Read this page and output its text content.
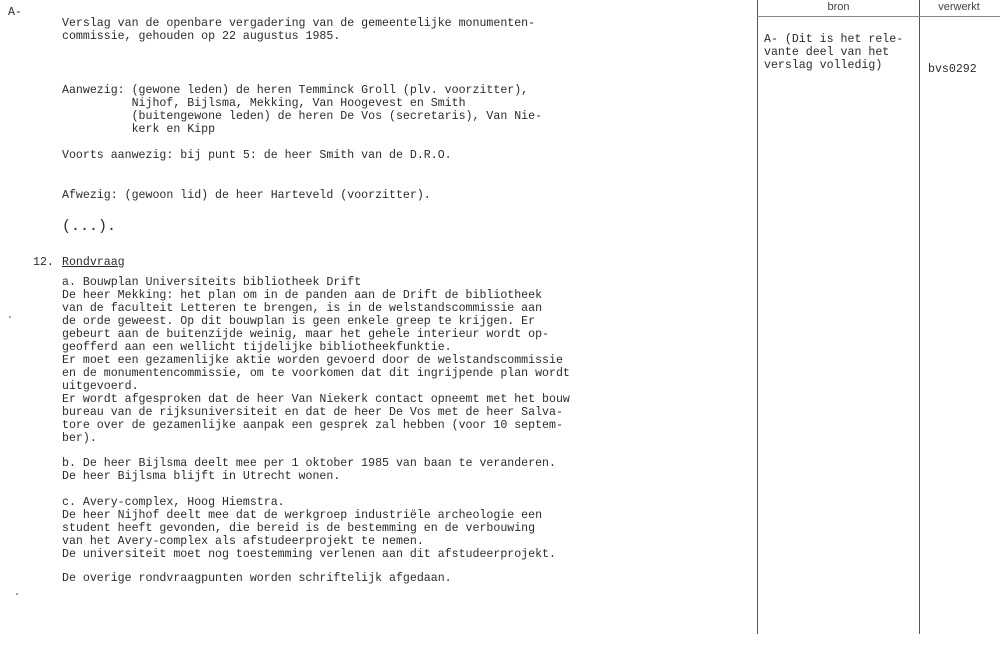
A-
Verslag van de openbare vergadering van de gemeentelijke monumenten-
commissie, gehouden op 22 augustus 1985.
Aanwezig: (gewone leden) de heren Temminck Groll (plv. voorzitter),
Nijhof, Bijlsma, Mekking, Van Hoogevest en Smith
(buitengewone leden) de heren De Vos (secretaris), Van Nie-
kerk en Kipp
Voorts aanwezig: bij punt 5: de heer Smith van de D.R.O.
Afwezig: (gewoon lid) de heer Harteveld (voorzitter).
(...).
12. Rondvraag
a. Bouwplan Universiteits bibliotheek Drift
De heer Mekking: het plan om in de panden aan de Drift de bibliotheek
van de faculteit Letteren te brengen, is in de welstandscommissie aan
de orde geweest. Op dit bouwplan is geen enkele greep te krijgen. Er
gebeurt aan de buitenzijde weinig, maar het gehele interieur wordt op-
geofferd aan een wellicht tijdelijke bibliotheekfunktie.
Er moet een gezamenlijke aktie worden gevoerd door de welstandscommissie
en de monumentencommissie, om te voorkomen dat dit ingrijpende plan wordt
uitgevoerd.
Er wordt afgesproken dat de heer Van Niekerk contact opneemt met het bouw
bureau van de rijksuniversiteit en dat de heer De Vos met de heer Salva-
tore over de gezamenlijke aanpak een gesprek zal hebben (voor 10 septem-
ber).
b. De heer Bijlsma deelt mee per 1 oktober 1985 van baan te veranderen.
De heer Bijlsma blijft in Utrecht wonen.
c. Avery-complex, Hoog Hiemstra.
De heer Nijhof deelt mee dat de werkgroep industriële archeologie een
student heeft gevonden, die bereid is de bestemming en de verbouwing
van het Avery-complex als afstudeerprojekt te nemen.
De universiteit moet nog toestemming verlenen aan dit afstudeerprojekt.
De overige rondvraagpunten worden schriftelijk afgedaan.
bron	verwerkt
A- (Dit is het rele-
vante deel van het
verslag volledig)	bvs0292
